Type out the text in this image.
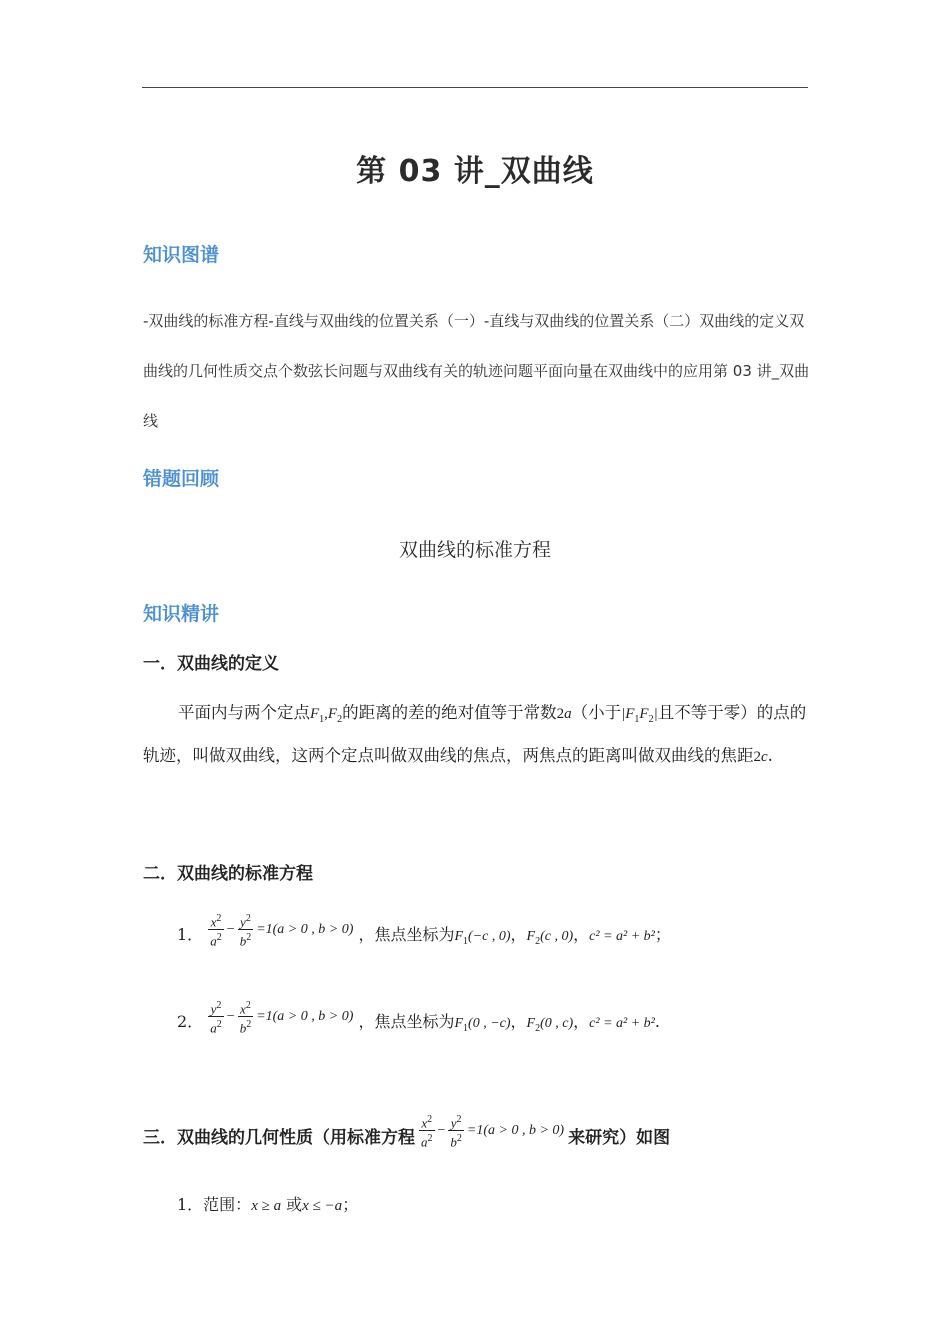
第 03 讲_双曲线
知识图谱
-双曲线的标准方程-直线与双曲线的位置关系（一）-直线与双曲线的位置关系（二）双曲线的定义双曲线的几何性质交点个数弦长问题与双曲线有关的轨迹问题平面向量在双曲线中的应用第 03 讲_双曲线
错题回顾
双曲线的标准方程
知识精讲
一．双曲线的定义
平面内与两个定点$F_1,F_2$的距离的差的绝对值等于常数2a（小于$|F_1F_2|$且不等于零）的点的轨迹，叫做双曲线，这两个定点叫做双曲线的焦点，两焦点的距离叫做双曲线的焦距2c.
二．双曲线的标准方程
1． $\frac{x^2}{a^2} - \frac{y^2}{b^2} =1(a > 0$ , b > 0) ，焦点坐标为$F_1(-c$ , 0)，$F_2(c$ , 0)，c² = a² + b²；
2． $\frac{y^2}{a^2} - \frac{x^2}{b^2} =1(a > 0$ , b > 0) ，焦点坐标为$F_1(0$ , −c)，$F_2(0$ , c)，c² = a² + b².
三．双曲线的几何性质（用标准方程 $\frac{x^2}{a^2} - \frac{y^2}{b^2} =1(a > 0$ , b > 0) 来研究）如图
1．范围：x ≥ a 或x ≤ −a；
